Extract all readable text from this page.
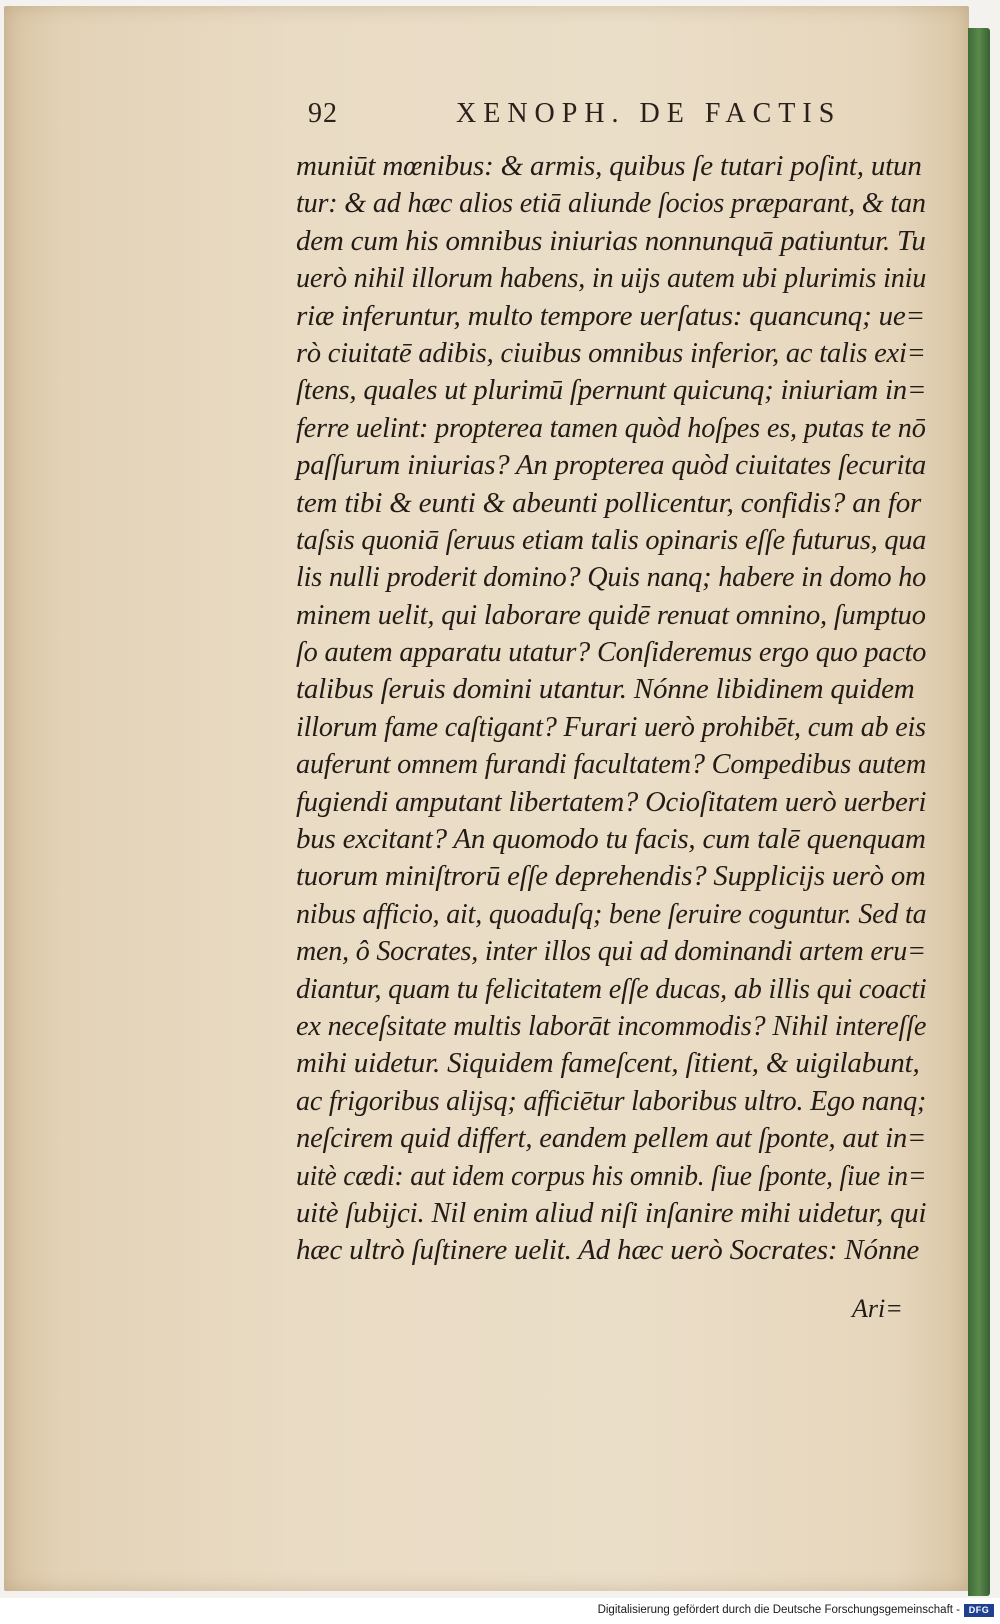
92	XENOPH. DE FACTIS
muniūt mœnibus: & armis, quibus ſe tutari poſint, utun
tur: & ad hæc alios etiā aliunde ſocios præparant, & tan
dem cum his omnibus iniurias nonnunquā patiuntur. Tu
uerò nihil illorum habens, in uijs autem ubi plurimis iniu
riæ inferuntur, multo tempore uerſatus: quancunq; ue=
rò ciuitatē adibis, ciuibus omnibus inferior, ac talis exi=
ſtens, quales ut plurimū ſpernunt quicunq; iniuriam in=
ferre uelint: propterea tamen quòd hoſpes es, putas te nō
paſſurum iniurias? An propterea quòd ciuitates ſecurita
tem tibi & eunti & abeunti pollicentur, confidis? an for
taſsis quoniā ſeruus etiam talis opinaris eſſe futurus, qua
lis nulli proderit domino? Quis nanq; habere in domo ho
minem uelit, qui laborare quidē renuat omnino, ſumptuo
ſo autem apparatu utatur? Conſideremus ergo quo pacto
talibus ſeruis domini utantur. Nónne libidinem quidem
illorum fame caſtigant? Furari uerò prohibēt, cum ab eis
auferunt omnem furandi facultatem? Compedibus autem
fugiendi amputant libertatem? Ocioſitatem uerò uerberi
bus excitant? An quomodo tu facis, cum talē quenquam
tuorum miniſtrorū eſſe deprehendis? Supplicijs uerò om
nibus afficio, ait, quoaduſq; bene ſeruire coguntur. Sed ta
men, ô Socrates, inter illos qui ad dominandi artem eru=
diantur, quam tu felicitatem eſſe ducas, ab illis qui coacti
ex neceſsitate multis laborāt incommodis? Nihil intereſſe
mihi uidetur. Siquidem fameſcent, ſitient, & uigilabunt,
ac frigoribus alijsq; afficiētur laboribus ultro. Ego nanq;
neſcirem quid differt, eandem pellem aut ſponte, aut in=
uitè cædi: aut idem corpus his omnib. ſiue ſponte, ſiue in=
uitè ſubijci. Nil enim aliud niſi inſanire mihi uidetur, qui
hæc ultrò ſuſtinere uelit. Ad hæc uerò Socrates: Nónne
Ari=
Digitalisierung gefördert durch die Deutsche Forschungsgemeinschaft - DFG
